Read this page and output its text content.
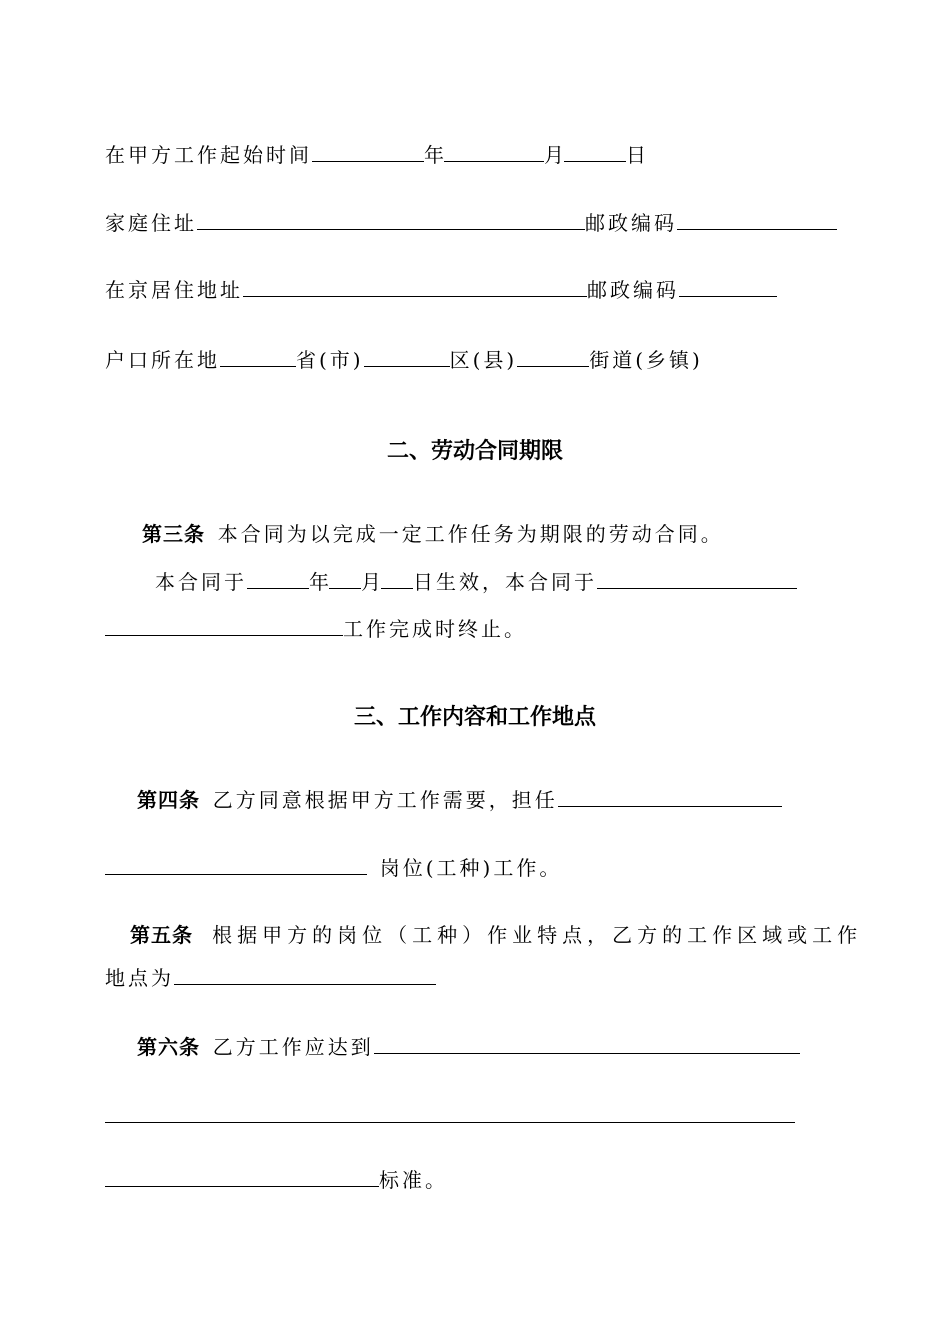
在甲方工作起始时间	年	月	日
家庭住址	邮政编码
在京居住地址	邮政编码
户口所在地	省(市)	区(县)	街道(乡镇)
二、劳动合同期限
第三条 本合同为以完成一定工作任务为期限的劳动合同。
本合同于	年 月 日生效，本合同于
工作完成时终止。
三、工作内容和工作地点
第四条 乙方同意根据甲方工作需要，担任
岗位(工种)工作。
第五条 根据甲方的岗位（工种）作业特点，乙方的工作区域或工作
地点为
第六条 乙方工作应达到
标准。
